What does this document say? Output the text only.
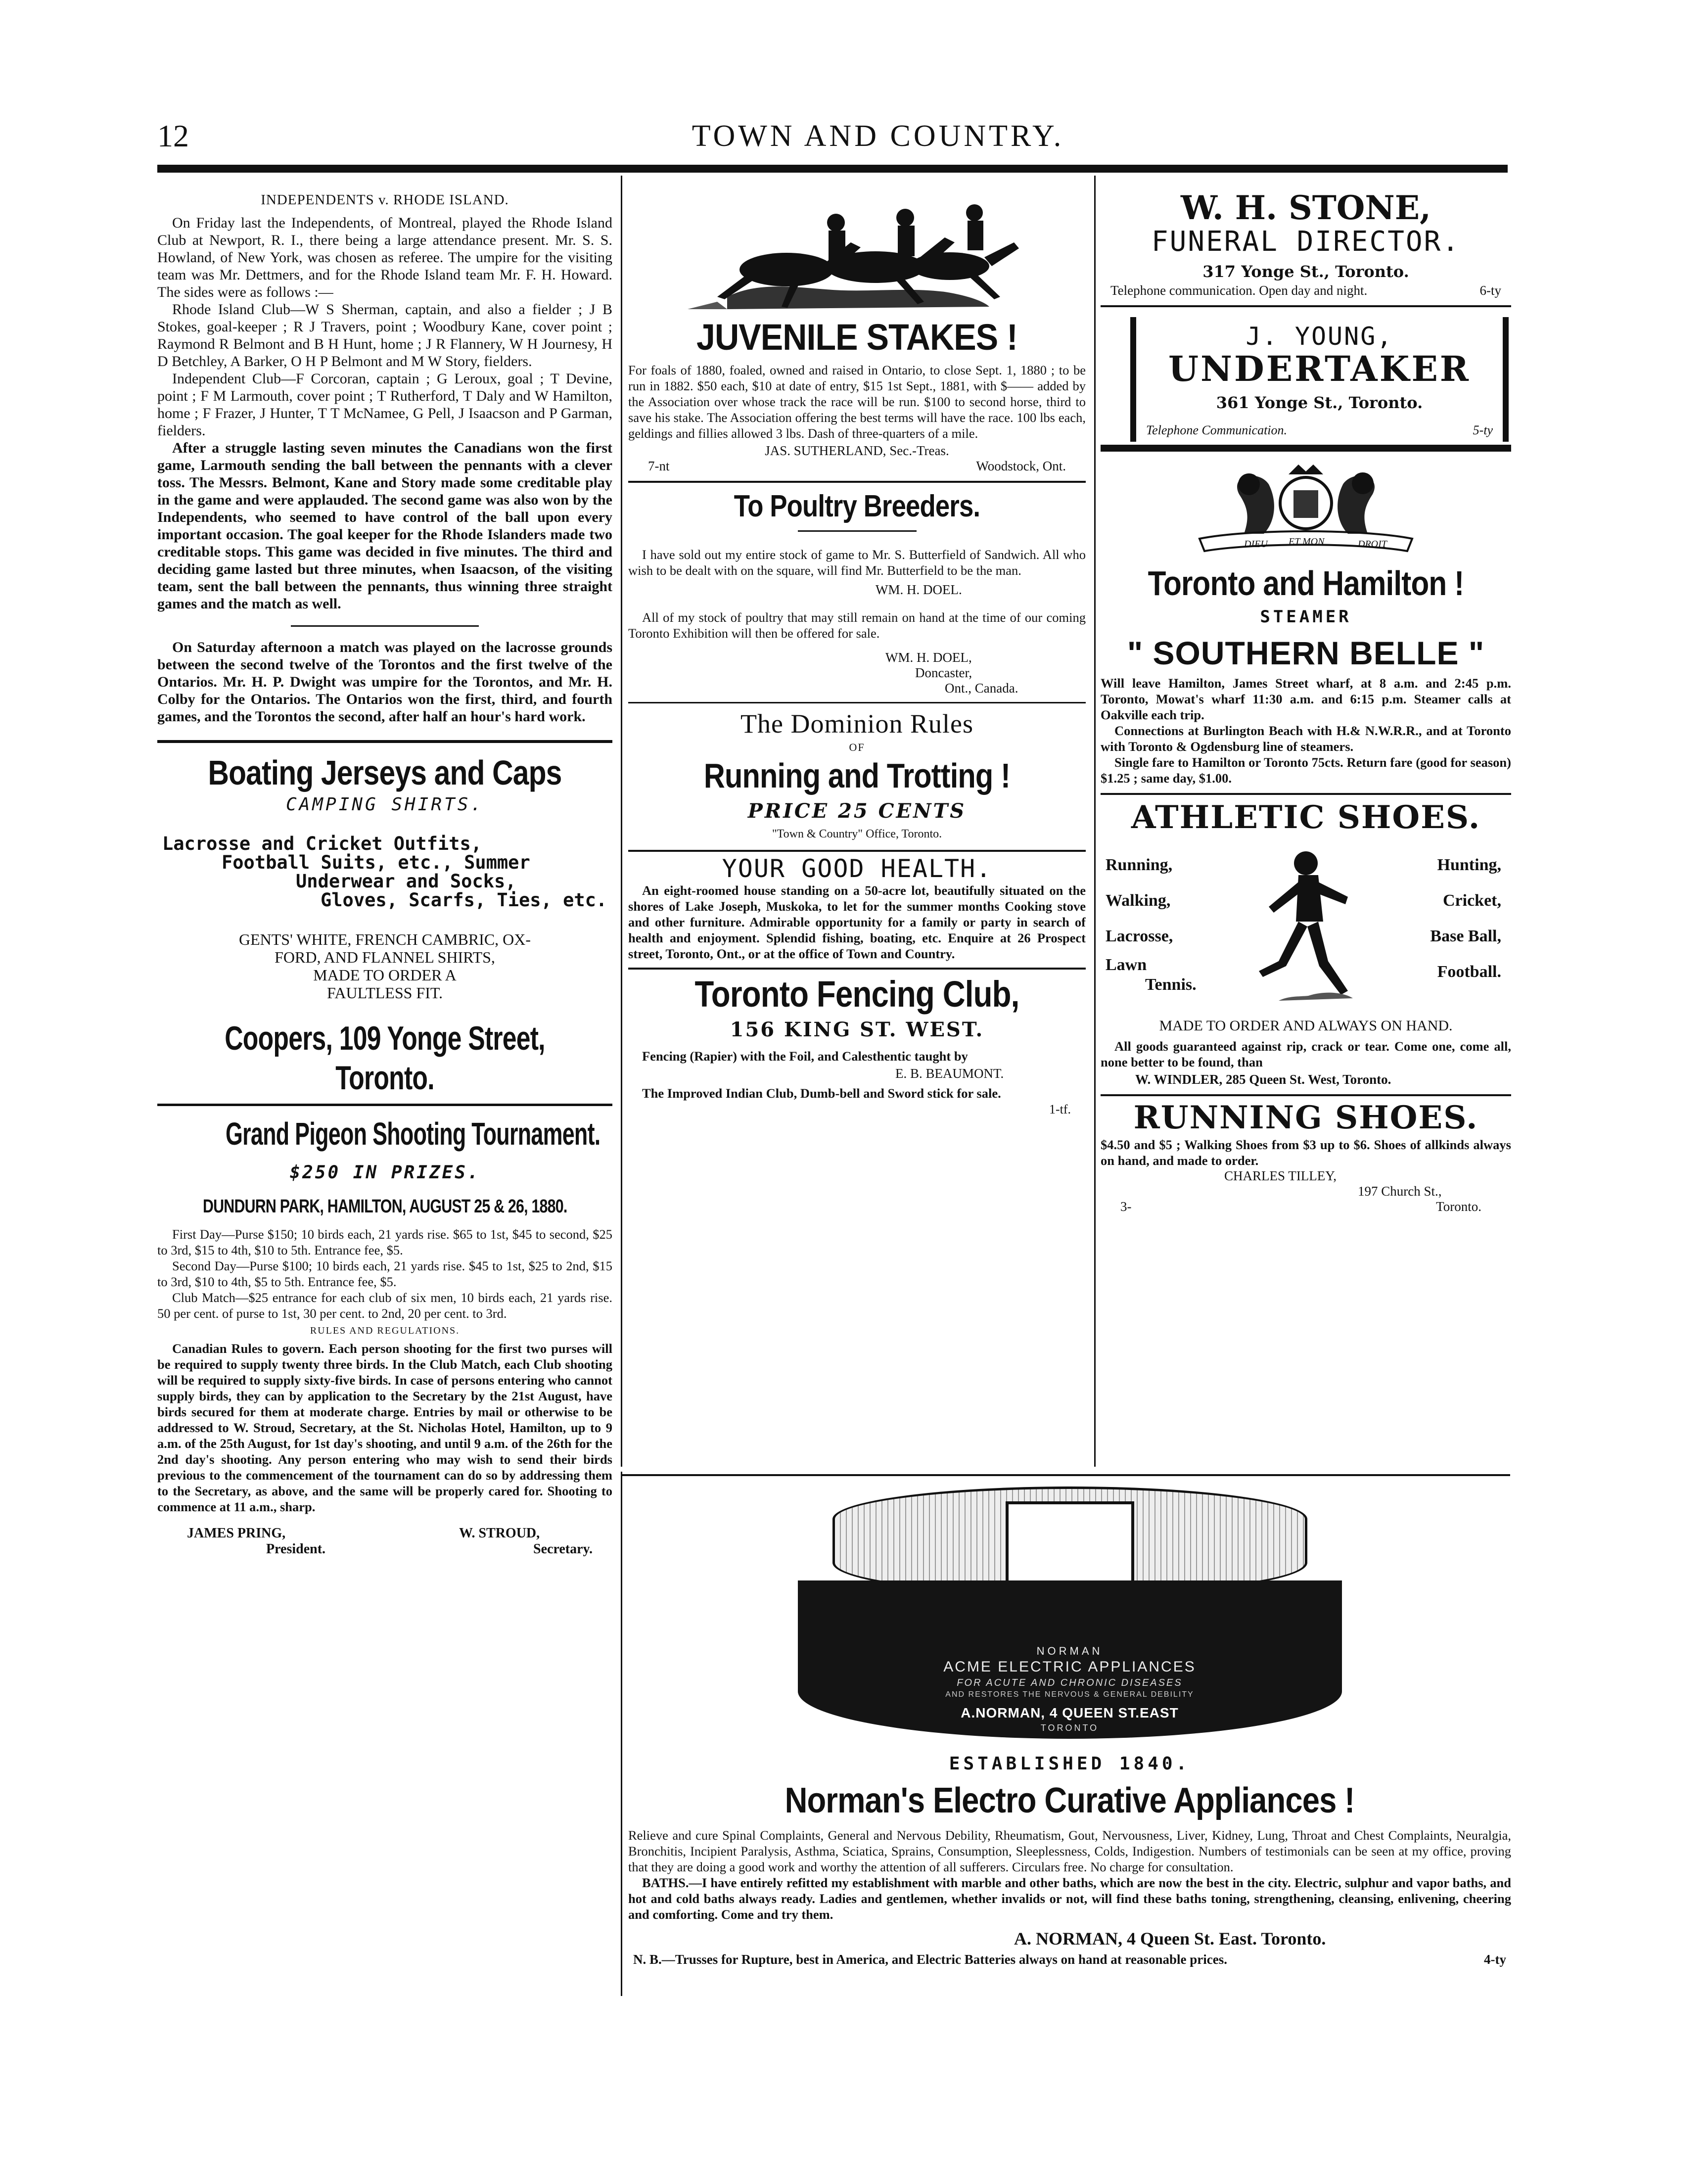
12	TOWN AND COUNTRY.
INDEPENDENTS v. RHODE ISLAND.

On Friday last the Independents, of Montreal, played the Rhode Island Club at Newport, R. I., there being a large attendance present. Mr. S. S. Howland, of New York, was chosen as referee. The umpire for the visiting team was Mr. Dettmers, and for the Rhode Island team Mr. F. H. Howard. The sides were as follows :—

Rhode Island Club—W S Sherman, captain, and also a fielder ; J B Stokes, goal-keeper ; R J Travers, point ; Woodbury Kane, cover point ; Raymond R Belmont and B H Hunt, home ; J R Flannery, W H Journesy, H D Betchley, A Barker, O H P Belmont and M W Story, fielders.

Independent Club—F Corcoran, captain ; G Leroux, goal ; T Devine, point ; F M Larmouth, cover point ; T Rutherford, T Daly and W Hamilton, home ; F Frazer, J Hunter, T T McNamee, G Pell, J Isaacson and P Garman, fielders.

After a struggle lasting seven minutes the Canadians won the first game, Larmouth sending the ball between the pennants with a clever toss. The Messrs. Belmont, Kane and Story made some creditable play in the game and were applauded. The second game was also won by the Independents, who seemed to have control of the ball upon every important occasion. The goal keeper for the Rhode Islanders made two creditable stops. This game was decided in five minutes. The third and deciding game lasted but three minutes, when Isaacson, of the visiting team, sent the ball between the pennants, thus winning three straight games and the match as well.

On Saturday afternoon a match was played on the lacrosse grounds between the second twelve of the Torontos and the first twelve of the Ontarios. Mr. H. P. Dwight was umpire for the Torontos, and Mr. H. Colby for the Ontarios. The Ontarios won the first, third, and fourth games, and the Torontos the second, after half an hour's hard work.

Boating Jerseys and Caps
CAMPING SHIRTS.
Lacrosse and Cricket Outfits,
Football Suits, etc., Summer
Underwear and Socks,
Gloves, Scarfs, Ties, etc.
GENTS' WHITE, FRENCH CAMBRIC, OX-
FORD, AND FLANNEL SHIRTS,
MADE TO ORDER A
FAULTLESS FIT.
Coopers, 109 Yonge Street, Toronto.
Grand Pigeon Shooting Tournament.
$250 IN PRIZES.
DUNDURN PARK, HAMILTON, AUGUST 25 & 26, 1880.

First Day—Purse $150; 10 birds each, 21 yards rise. $65 to 1st, $45 to second, $25 to 3rd, $15 to 4th, $10 to 5th. Entrance fee, $5.

Second Day—Purse $100; 10 birds each, 21 yards rise. $45 to 1st, $25 to 2nd, $15 to 3rd, $10 to 4th, $5 to 5th. Entrance fee, $5.

Club Match—$25 entrance for each club of six men, 10 birds each, 21 yards rise. 50 per cent. of purse to 1st, 30 per cent. to 2nd, 20 per cent. to 3rd.

RULES AND REGULATIONS.

Canadian Rules to govern. Each person shooting for the first two purses will be required to supply twenty three birds. In the Club Match, each Club shooting will be required to supply sixty-five birds. In case of persons entering who cannot supply birds, they can by application to the Secretary by the 21st August, have birds secured for them at moderate charge. Entries by mail or otherwise to be addressed to W. Stroud, Secretary, at the St. Nicholas Hotel, Hamilton, up to 9 a.m. of the 25th August, for 1st day's shooting, and until 9 a.m. of the 26th for the 2nd day's shooting. Any person entering who may wish to send their birds previous to the commencement of the tournament can do so by addressing them to the Secretary, as above, and the same will be properly cared for. Shooting to commence at 11 a.m., sharp.

JAMES PRING,
President.
W. STROUD,
Secretary.
JUVENILE STAKES !

For foals of 1880, foaled, owned and raised in Ontario, to close Sept. 1, 1880 ; to be run in 1882. $50 each, $10 at date of entry, $15 1st Sept., 1881, with $—— added by the Association over whose track the race will be run. $100 to second horse, third to save his stake. The Association offering the best terms will have the race. 100 lbs each, geldings and fillies allowed 3 lbs. Dash of three-quarters of a mile.

JAS. SUTHERLAND, Sec.-Treas.
7-nt	Woodstock, Ont.
To Poultry Breeders.

I have sold out my entire stock of game to Mr. S. Butterfield of Sandwich. All who wish to be dealt with on the square, will find Mr. Butterfield to be the man.

WM. H. DOEL.

All of my stock of poultry that may still remain on hand at the time of our coming Toronto Exhibition will then be offered for sale.

WM. H. DOEL,
Doncaster,
Ont., Canada.
The Dominion Rules
OF
Running and Trotting !
PRICE 25 CENTS
"Town & Country" Office, Toronto.
YOUR GOOD HEALTH.

An eight-roomed house standing on a 50-acre lot, beautifully situated on the shores of Lake Joseph, Muskoka, to let for the summer months Cooking stove and other furniture. Admirable opportunity for a family or party in search of health and enjoyment. Splendid fishing, boating, etc. Enquire at 26 Prospect street, Toronto, Ont., or at the office of Town and Country.

Toronto Fencing Club,
156 KING ST. WEST.

Fencing (Rapier) with the Foil, and Calesthentic taught by

E. B. BEAUMONT.

The Improved Indian Club, Dumb-bell and Sword stick for sale.

1-tf.
W. H. STONE,
FUNERAL DIRECTOR.
317 Yonge St., Toronto.
Telephone communication. Open day and night.	6-ty
J. YOUNG,
UNDERTAKER
361 Yonge St., Toronto.
Telephone Communication.	5-ty
DIEU ET MON	DROIT
Toronto and Hamilton !
STEAMER
" SOUTHERN BELLE "

Will leave Hamilton, James Street wharf, at 8 a.m. and 2:45 p.m. Toronto, Mowat's wharf 11:30 a.m. and 6:15 p.m. Steamer calls at Oakville each trip.

Connections at Burlington Beach with H.& N.W.R.R., and at Toronto with Toronto & Ogdensburg line of steamers.

Single fare to Hamilton or Toronto 75cts. Return fare (good for season) $1.25 ; same day, $1.00.

ATHLETIC SHOES.
Running,
Walking,
Lacrosse,
Lawn
Tennis.
Hunting,
Cricket,
Base Ball,
Football.
MADE TO ORDER AND ALWAYS ON HAND.

All goods guaranteed against rip, crack or tear. Come one, come all, none better to be found, than

W. WINDLER, 285 Queen St. West, Toronto.
RUNNING SHOES.

$4.50 and $5 ; Walking Shoes from $3 up to $6. Shoes of allkinds always on hand, and made to order.

CHARLES TILLEY,
197 Church St.,
3-	Toronto.
NORMAN
ACME ELECTRIC APPLIANCES
FOR ACUTE AND CHRONIC DISEASES
AND RESTORES THE NERVOUS & GENERAL DEBILITY
A.NORMAN, 4 QUEEN ST.EAST
TORONTO
ESTABLISHED 1840.
Norman's Electro Curative Appliances !

Relieve and cure Spinal Complaints, General and Nervous Debility, Rheumatism, Gout, Nervousness, Liver, Kidney, Lung, Throat and Chest Complaints, Neuralgia, Bronchitis, Incipient Paralysis, Asthma, Sciatica, Sprains, Consumption, Sleeplessness, Colds, Indigestion. Numbers of testimonials can be seen at my office, proving that they are doing a good work and worthy the attention of all sufferers. Circulars free. No charge for consultation.

BATHS.—I have entirely refitted my establishment with marble and other baths, which are now the best in the city. Electric, sulphur and vapor baths, and hot and cold baths always ready. Ladies and gentlemen, whether invalids or not, will find these baths toning, strengthening, cleansing, enlivening, cheering and comforting. Come and try them.

A. NORMAN, 4 Queen St. East. Toronto.
N. B.—Trusses for Rupture, best in America, and Electric Batteries always on hand at reasonable prices.	4-ty
